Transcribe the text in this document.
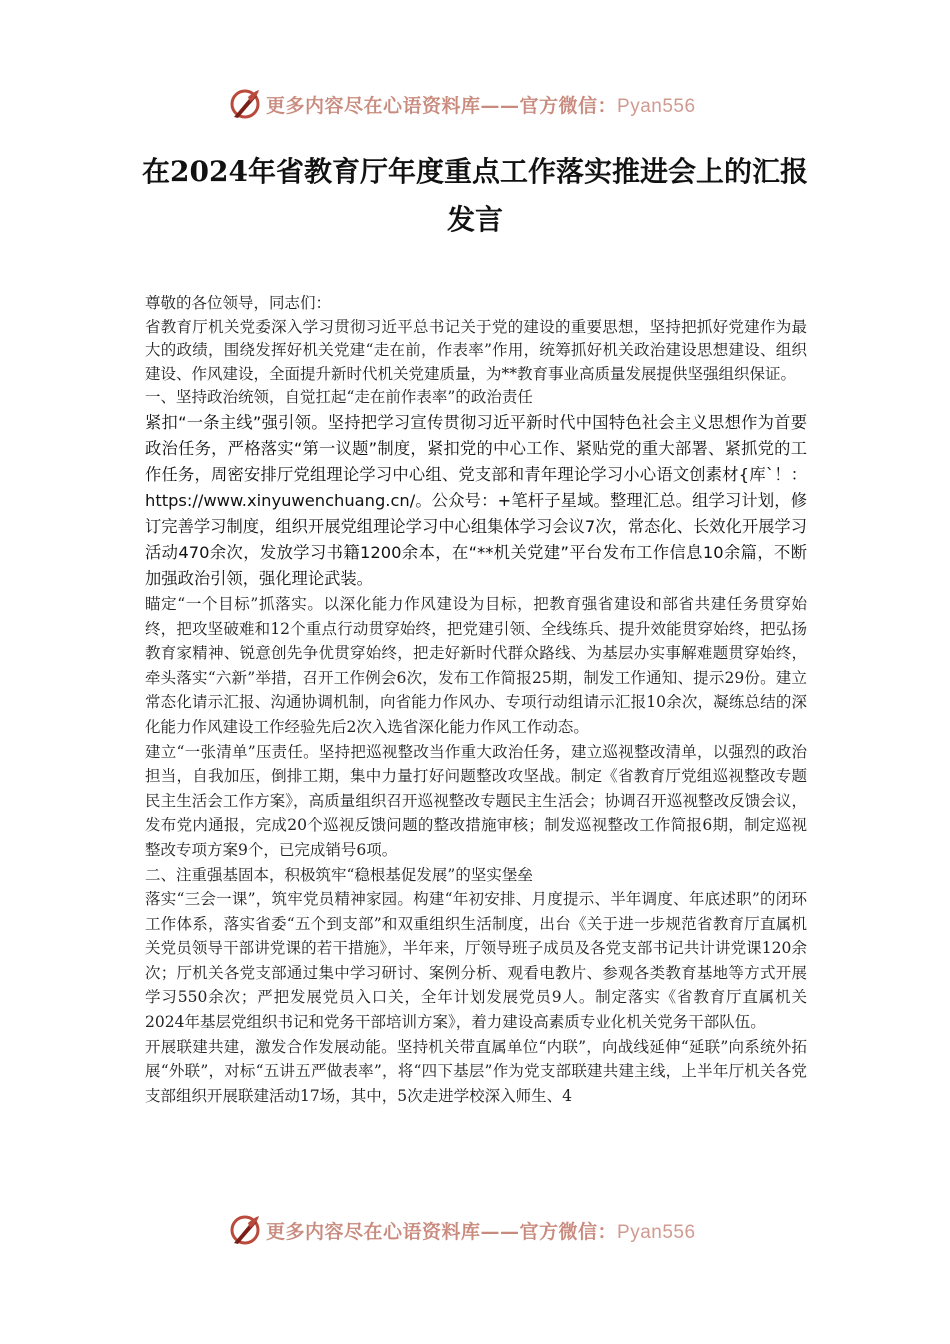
更多内容尽在心语资料库——官方微信：Pyan556
在2024年省教育厅年度重点工作落实推进会上的汇报发言

尊敬的各位领导，同志们：

省教育厅机关党委深入学习贯彻习近平总书记关于党的建设的重要思想，坚持把抓好党建作为最大的政绩，围绕发挥好机关党建“走在前，作表率”作用，统筹抓好机关政治建设思想建设、组织建设、作风建设，全面提升新时代机关党建质量，为**教育事业高质量发展提供坚强组织保证。

一、坚持政治统领，自觉扛起“走在前作表率”的政治责任

紧扣“一条主线”强引领。坚持把学习宣传贯彻习近平新时代中国特色社会主义思想作为首要政治任务，严格落实“第一议题”制度，紧扣党的中心工作、紧贴党的重大部署、紧抓党的工作任务，周密安排厅党组理论学习中心组、党支部和青年理论学习小心语文创素材{库`！：https://www.xinyuwenchuang.cn/。公众号：+笔杆子星域。整理汇总。组学习计划，修订完善学习制度，组织开展党组理论学习中心组集体学习会议7次，常态化、长效化开展学习活动470余次，发放学习书籍1200余本，在“**机关党建”平台发布工作信息10余篇，不断加强政治引领，强化理论武装。

瞄定“一个目标”抓落实。以深化能力作风建设为目标，把教育强省建设和部省共建任务贯穿始终，把攻坚破难和12个重点行动贯穿始终，把党建引领、全线练兵、提升效能贯穿始终，把弘扬教育家精神、锐意创先争优贯穿始终，把走好新时代群众路线、为基层办实事解难题贯穿始终，牵头落实“六新”举措，召开工作例会6次，发布工作简报25期，制发工作通知、提示29份。建立常态化请示汇报、沟通协调机制，向省能力作风办、专项行动组请示汇报10余次，凝练总结的深化能力作风建设工作经验先后2次入选省深化能力作风工作动态。

建立“一张清单”压责任。坚持把巡视整改当作重大政治任务，建立巡视整改清单，以强烈的政治担当，自我加压，倒排工期，集中力量打好问题整改攻坚战。制定《省教育厅党组巡视整改专题民主生活会工作方案》，高质量组织召开巡视整改专题民主生活会；协调召开巡视整改反馈会议，发布党内通报，完成20个巡视反馈问题的整改措施审核；制发巡视整改工作简报6期，制定巡视整改专项方案9个，已完成销号6项。

二、注重强基固本，积极筑牢“稳根基促发展”的坚实堡垒

落实“三会一课”，筑牢党员精神家园。构建“年初安排、月度提示、半年调度、年底述职”的闭环工作体系，落实省委“五个到支部”和双重组织生活制度，出台《关于进一步规范省教育厅直属机关党员领导干部讲党课的若干措施》，半年来，厅领导班子成员及各党支部书记共计讲党课120余次；厅机关各党支部通过集中学习研讨、案例分析、观看电教片、参观各类教育基地等方式开展学习550余次；严把发展党员入口关，全年计划发展党员9人。制定落实《省教育厅直属机关2024年基层党组织书记和党务干部培训方案》，着力建设高素质专业化机关党务干部队伍。

开展联建共建，激发合作发展动能。坚持机关带直属单位“内联”，向战线延伸“延联”向系统外拓展“外联”，对标“五讲五严做表率”，将“四下基层”作为党支部联建共建主线，上半年厅机关各党支部组织开展联建活动17场，其中，5次走进学校深入师生、4

更多内容尽在心语资料库——官方微信：Pyan556
